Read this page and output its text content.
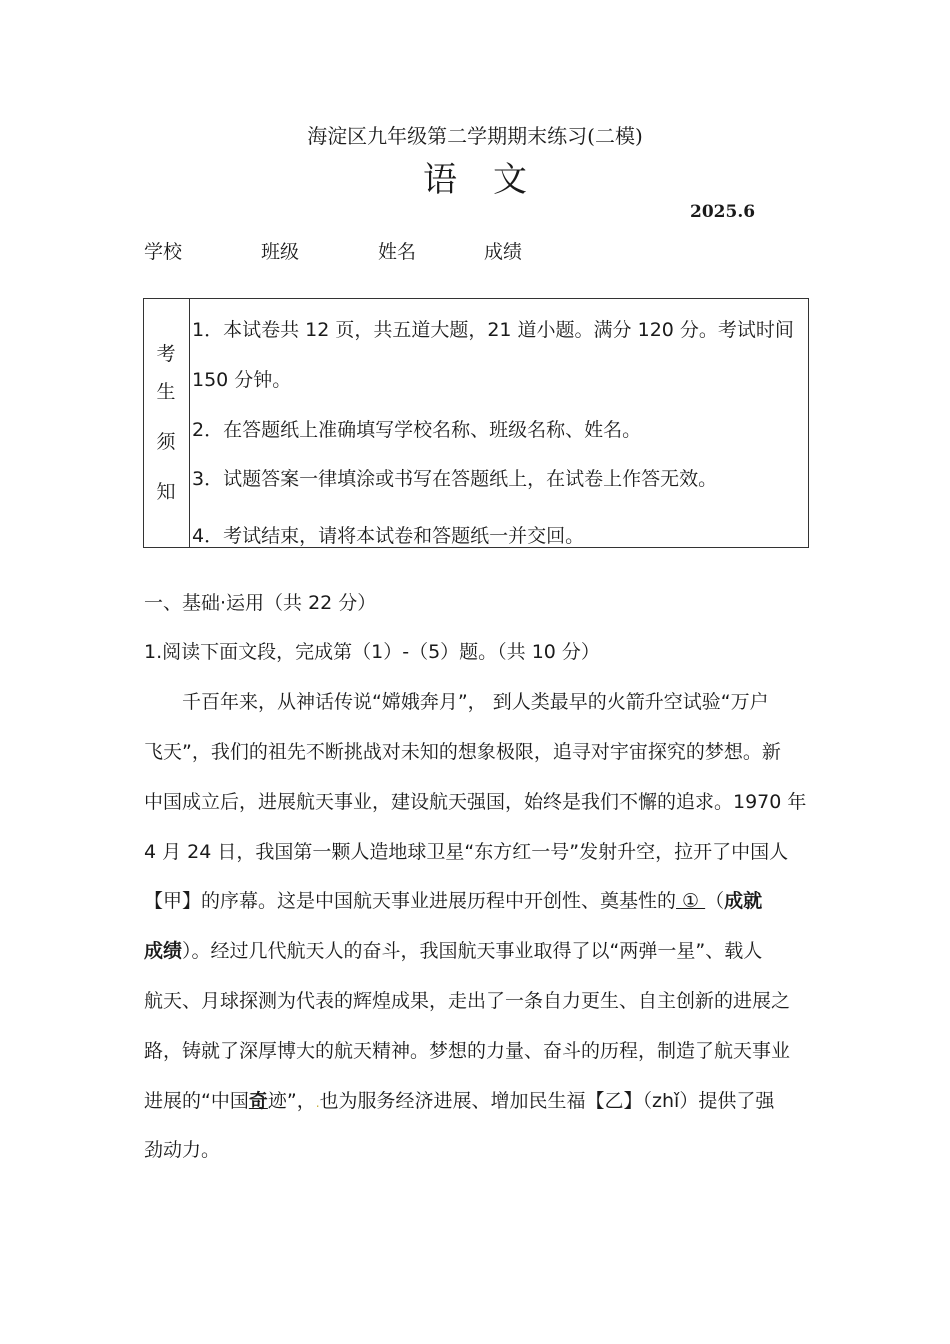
海淀区九年级第二学期期末练习(二模)
语文
2025.6
学校	班级	姓名	成绩
考
生
须
知
1．本试卷共 12 页，共五道大题，21 道小题。满分 120 分。考试时间
150 分钟。
2．在答题纸上准确填写学校名称、班级名称、姓名。
3．试题答案一律填涂或书写在答题纸上，在试卷上作答无效。
4．考试结束，请将本试卷和答题纸一并交回。
一、基础·运用（共 22 分）
1.阅读下面文段，完成第（1）-（5）题。（共 10 分）
千百年来，从神话传说“嫦娥奔月”， 到人类最早的火箭升空试验“万户
飞天”，我们的祖先不断挑战对未知的想象极限，追寻对宇宙探究的梦想。新
中国成立后，进展航天事业，建设航天强国，始终是我们不懈的追求。1970 年
4 月 24 日，我国第一颗人造地球卫星“东方红一号”发射升空，拉开了中国人
【甲】的序幕。这是中国航天事业进展历程中开创性、奠基性的 ① （成就
成绩）。经过几代航天人的奋斗，我国航天事业取得了以“两弹一星”、载人
航天、月球探测为代表的辉煌成果，走出了一条自力更生、自主创新的进展之
路，铸就了深厚博大的航天精神。梦想的力量、奋斗的历程，制造了航天事业
进展的“中国奇迹”，.也为服务经济进展、增加民生福【乙】（zhǐ）提供了强
劲动力。
